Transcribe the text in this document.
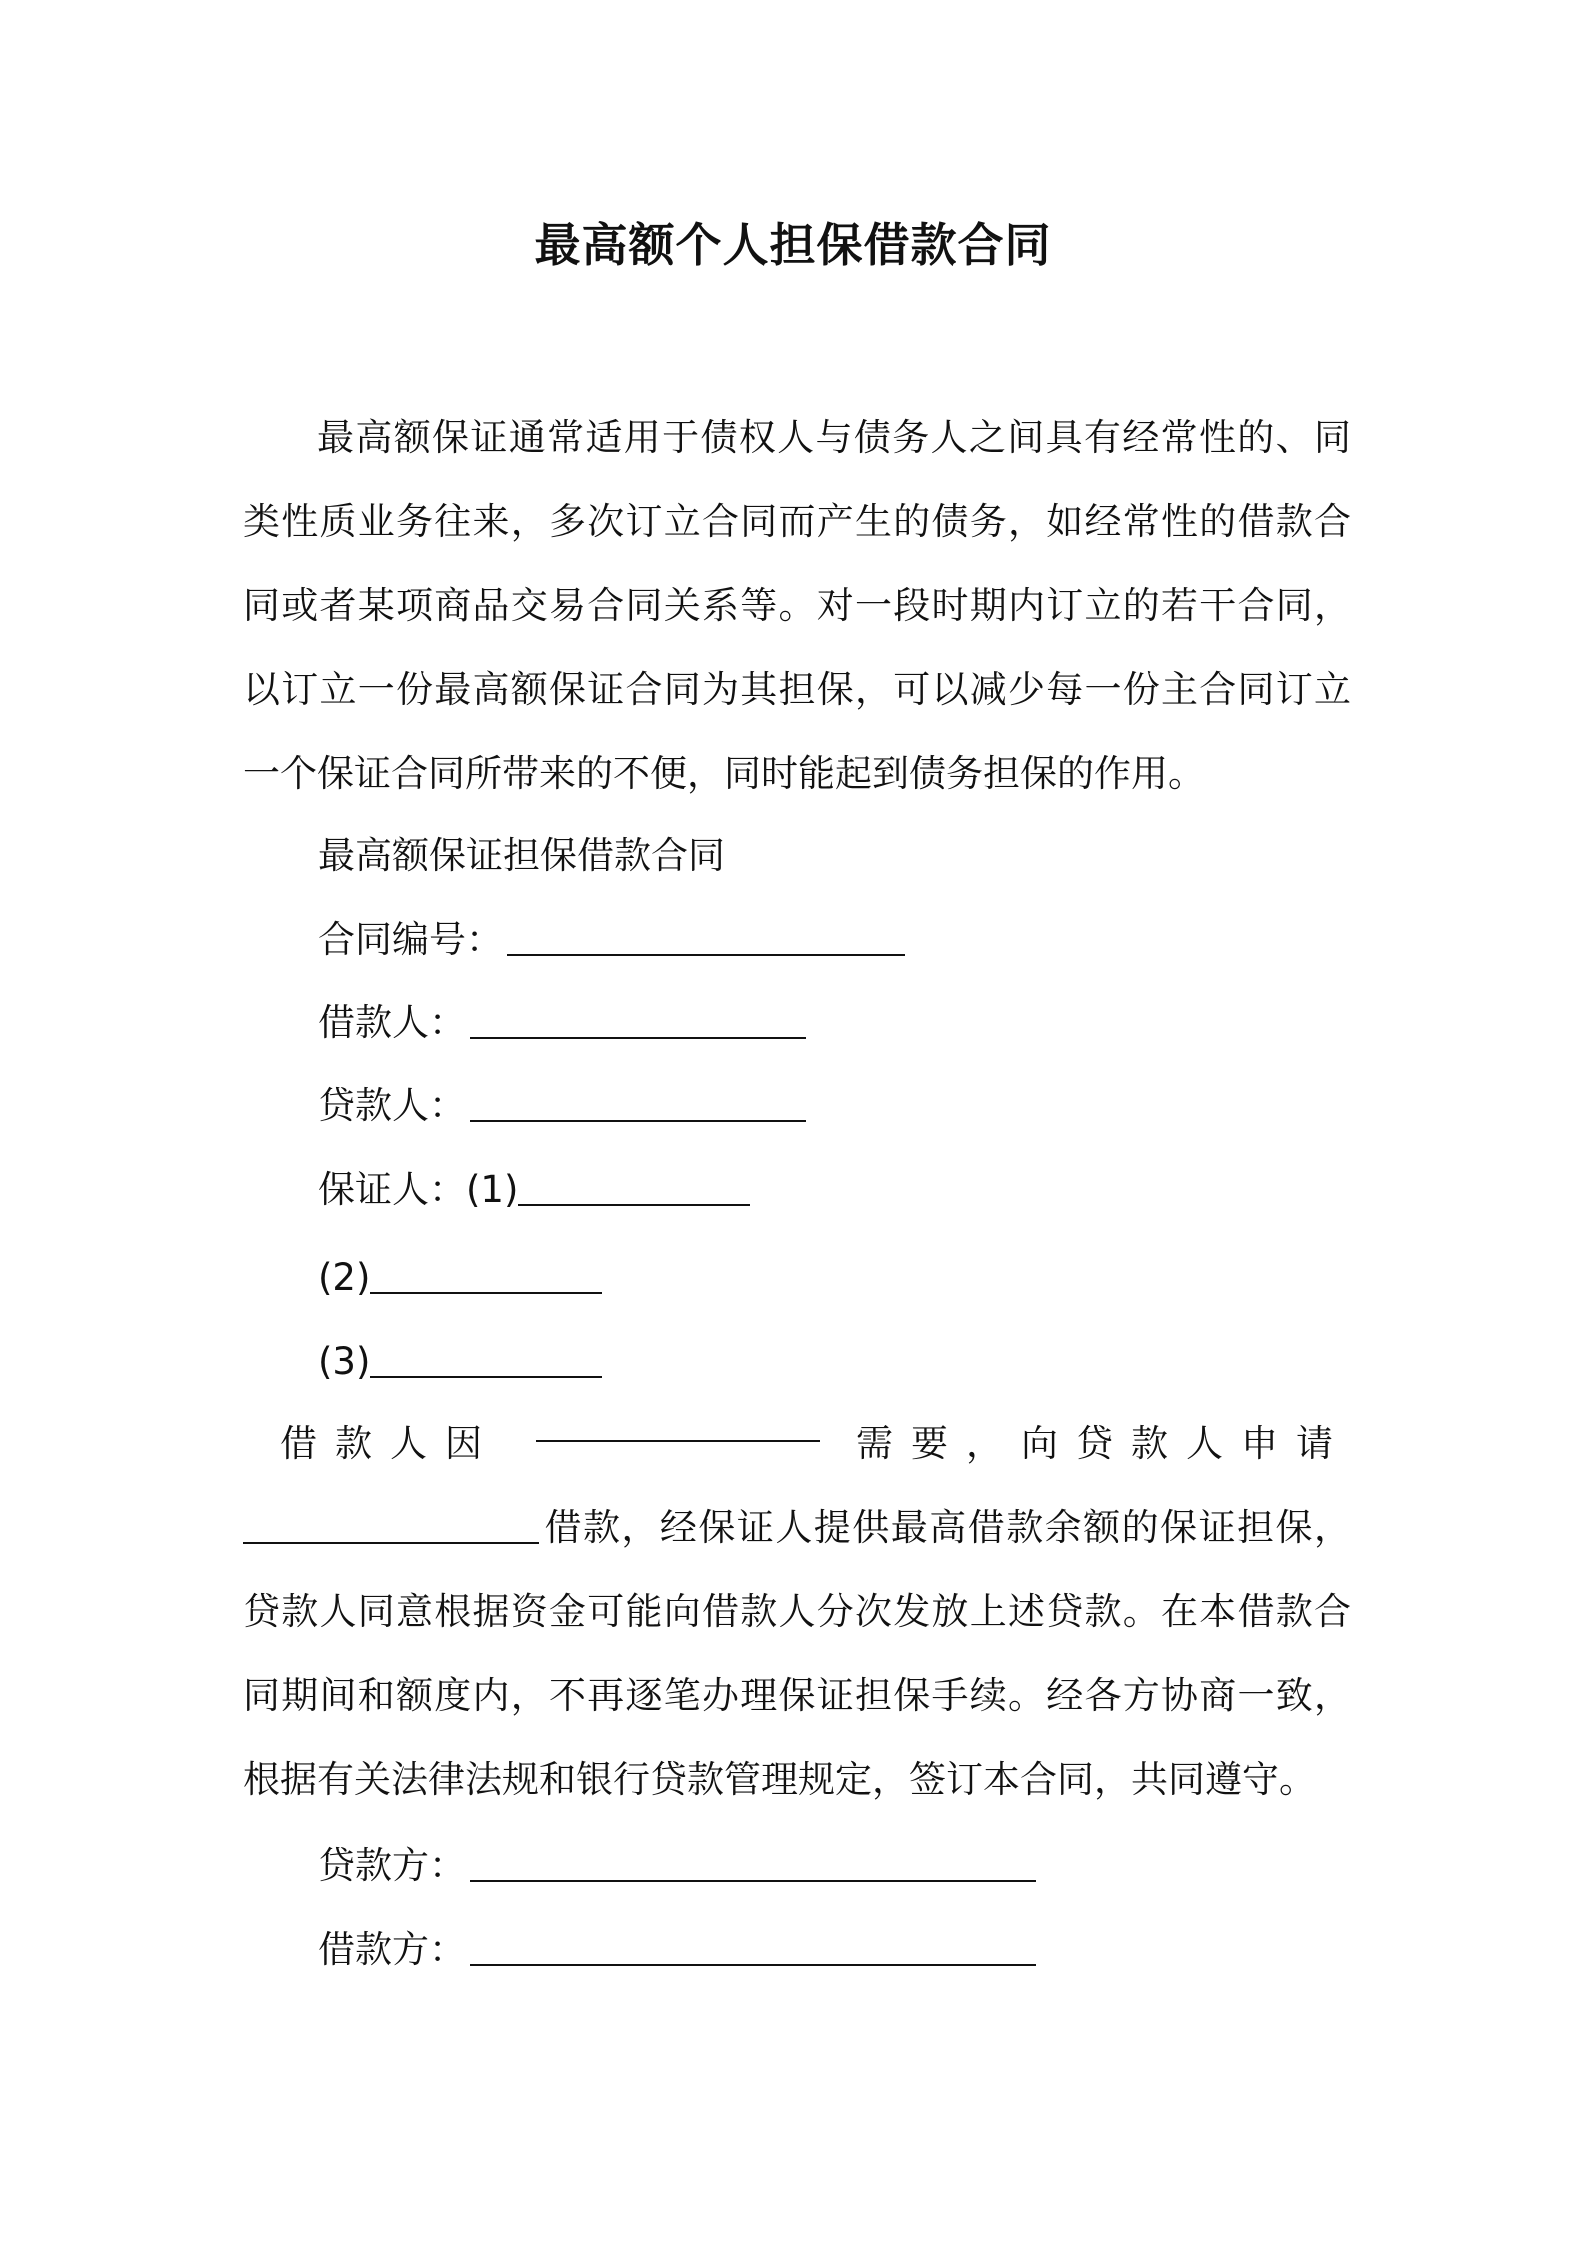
最高额个人担保借款合同

最高额保证通常适用于债权人与债务人之间具有经常性的、同类性质业务往来，多次订立合同而产生的债务，如经常性的借款合同或者某项商品交易合同关系等。对一段时期内订立的若干合同，以订立一份最高额保证合同为其担保，可以减少每一份主合同订立一个保证合同所带来的不便，同时能起到债务担保的作用。

最高额保证担保借款合同
合同编号：
借款人：
贷款人：
保证人：(1)
(2)
(3)
借款人因	需要，向贷款人申请
借款，经保证人提供最高借款余额的保证担保，贷款人同意根据资金可能向借款人分次发放上述贷款。在本借款合同期间和额度内，不再逐笔办理保证担保手续。经各方协商一致，根据有关法律法规和银行贷款管理规定，签订本合同，共同遵守。
贷款方：
借款方：
